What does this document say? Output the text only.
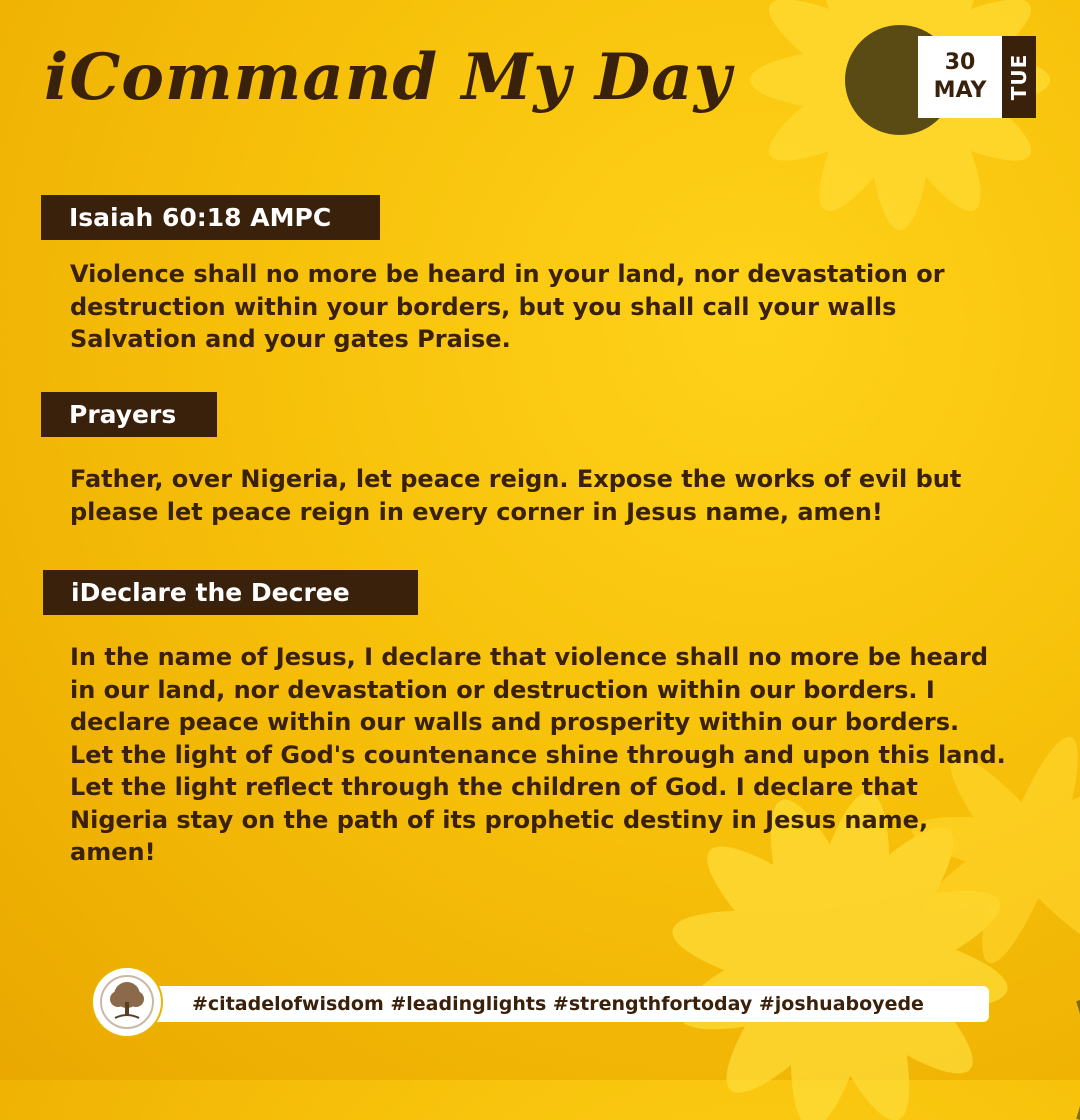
iCommand My Day	30
MAY TUE
Isaiah 60:18 AMPC
Violence shall no more be heard in your land, nor devastation or destruction within your borders, but you shall call your walls Salvation and your gates Praise.
Prayers
Father, over Nigeria, let peace reign. Expose the works of evil but please let peace reign in every corner in Jesus name, amen!
iDeclare the Decree
In the name of Jesus, I declare that violence shall no more be heard in our land, nor devastation or destruction within our borders. I declare peace within our walls and prosperity within our borders. Let the light of God's countenance shine through and upon this land. Let the light reflect through the children of God. I declare that Nigeria stay on the path of its prophetic destiny in Jesus name, amen!
#citadelofwisdom #leadinglights #strengthfortoday #joshuaboyede
